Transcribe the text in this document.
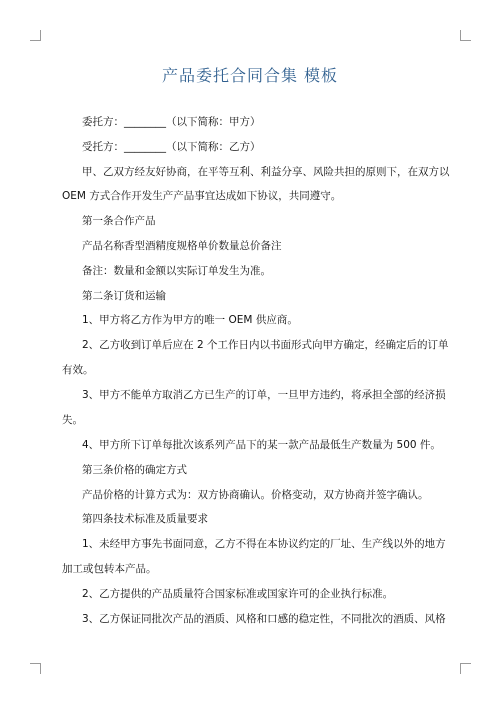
产品委托合同合集 模板
委托方：________（以下简称：甲方）
受托方：________（以下简称：乙方）
甲、乙双方经友好协商，在平等互利、利益分享、风险共担的原则下，在双方以
OEM 方式合作开发生产产品事宜达成如下协议，共同遵守。
第一条合作产品
产品名称香型酒精度规格单价数量总价备注
备注：数量和金额以实际订单发生为准。
第二条订货和运输
1、甲方将乙方作为甲方的唯一 OEM 供应商。
2、乙方收到订单后应在 2 个工作日内以书面形式向甲方确定，经确定后的订单
有效。
3、甲方不能单方取消乙方已生产的订单，一旦甲方违约，将承担全部的经济损
失。
4、甲方所下订单每批次该系列产品下的某一款产品最低生产数量为 500 件。
第三条价格的确定方式
产品价格的计算方式为：双方协商确认。价格变动，双方协商并签字确认。
第四条技术标准及质量要求
1、未经甲方事先书面同意，乙方不得在本协议约定的厂址、生产线以外的地方
加工或包转本产品。
2、乙方提供的产品质量符合国家标准或国家许可的企业执行标准。
3、乙方保证同批次产品的酒质、风格和口感的稳定性，不同批次的酒质、风格
